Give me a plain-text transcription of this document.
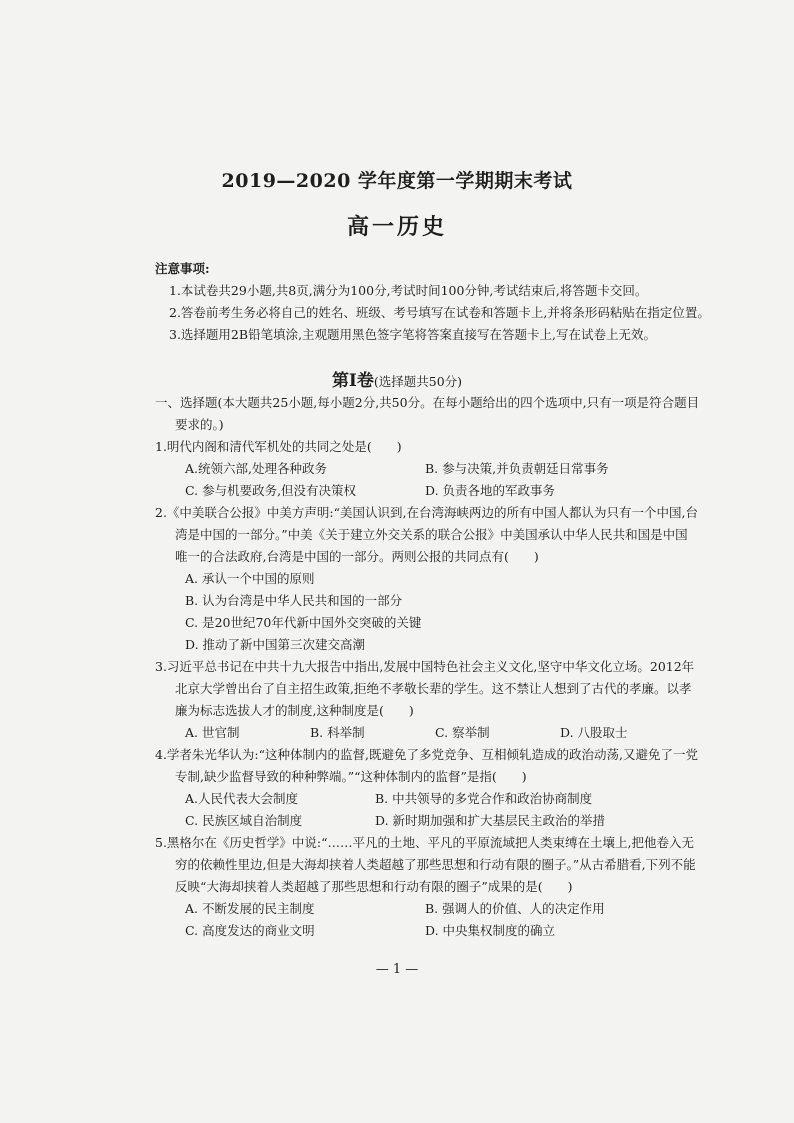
2019—2020 学年度第一学期期末考试
高一历史
注意事项:
1.本试卷共29小题,共8页,满分为100分,考试时间100分钟,考试结束后,将答题卡交回。
2.答卷前考生务必将自己的姓名、班级、考号填写在试卷和答题卡上,并将条形码粘贴在指定位置。
3.选择题用2B铅笔填涂,主观题用黑色签字笔将答案直接写在答题卡上,写在试卷上无效。
第Ⅰ卷(选择题共50分)
一、选择题(本大题共25小题,每小题2分,共50分。在每小题给出的四个选项中,只有一项是符合题目要求的。)
1.明代内阁和清代军机处的共同之处是(　　)
A.统领六部,处理各种政务	B. 参与决策,并负责朝廷日常事务
C. 参与机要政务,但没有决策权	D. 负责各地的军政事务
2.《中美联合公报》中美方声明:“美国认识到,在台湾海峡两边的所有中国人都认为只有一个中国,台湾是中国的一部分。”中美《关于建立外交关系的联合公报》中美国承认中华人民共和国是中国唯一的合法政府,台湾是中国的一部分。两则公报的共同点有(　　)
A. 承认一个中国的原则
B. 认为台湾是中华人民共和国的一部分
C. 是20世纪70年代新中国外交突破的关键
D. 推动了新中国第三次建交高潮
3.习近平总书记在中共十九大报告中指出,发展中国特色社会主义文化,坚守中华文化立场。2012年北京大学曾出台了自主招生政策,拒绝不孝敬长辈的学生。这不禁让人想到了古代的孝廉。以孝廉为标志选拔人才的制度,这种制度是(　　)
A. 世官制	B. 科举制	C. 察举制	D. 八股取士
4.学者朱光华认为:“这种体制内的监督,既避免了多党竞争、互相倾轧造成的政治动荡,又避免了一党专制,缺少监督导致的种种弊端。”“这种体制内的监督”是指(　　)
A.人民代表大会制度	B. 中共领导的多党合作和政治协商制度
C. 民族区域自治制度	D. 新时期加强和扩大基层民主政治的举措
5.黑格尔在《历史哲学》中说:“……平凡的土地、平凡的平原流域把人类束缚在土壤上,把他卷入无穷的依赖性里边,但是大海却挟着人类超越了那些思想和行动有限的圈子。”从古希腊看,下列不能反映“大海却挟着人类超越了那些思想和行动有限的圈子”成果的是(　　)
A. 不断发展的民主制度	B. 强调人的价值、人的决定作用
C. 高度发达的商业文明	D. 中央集权制度的确立
— 1 —
